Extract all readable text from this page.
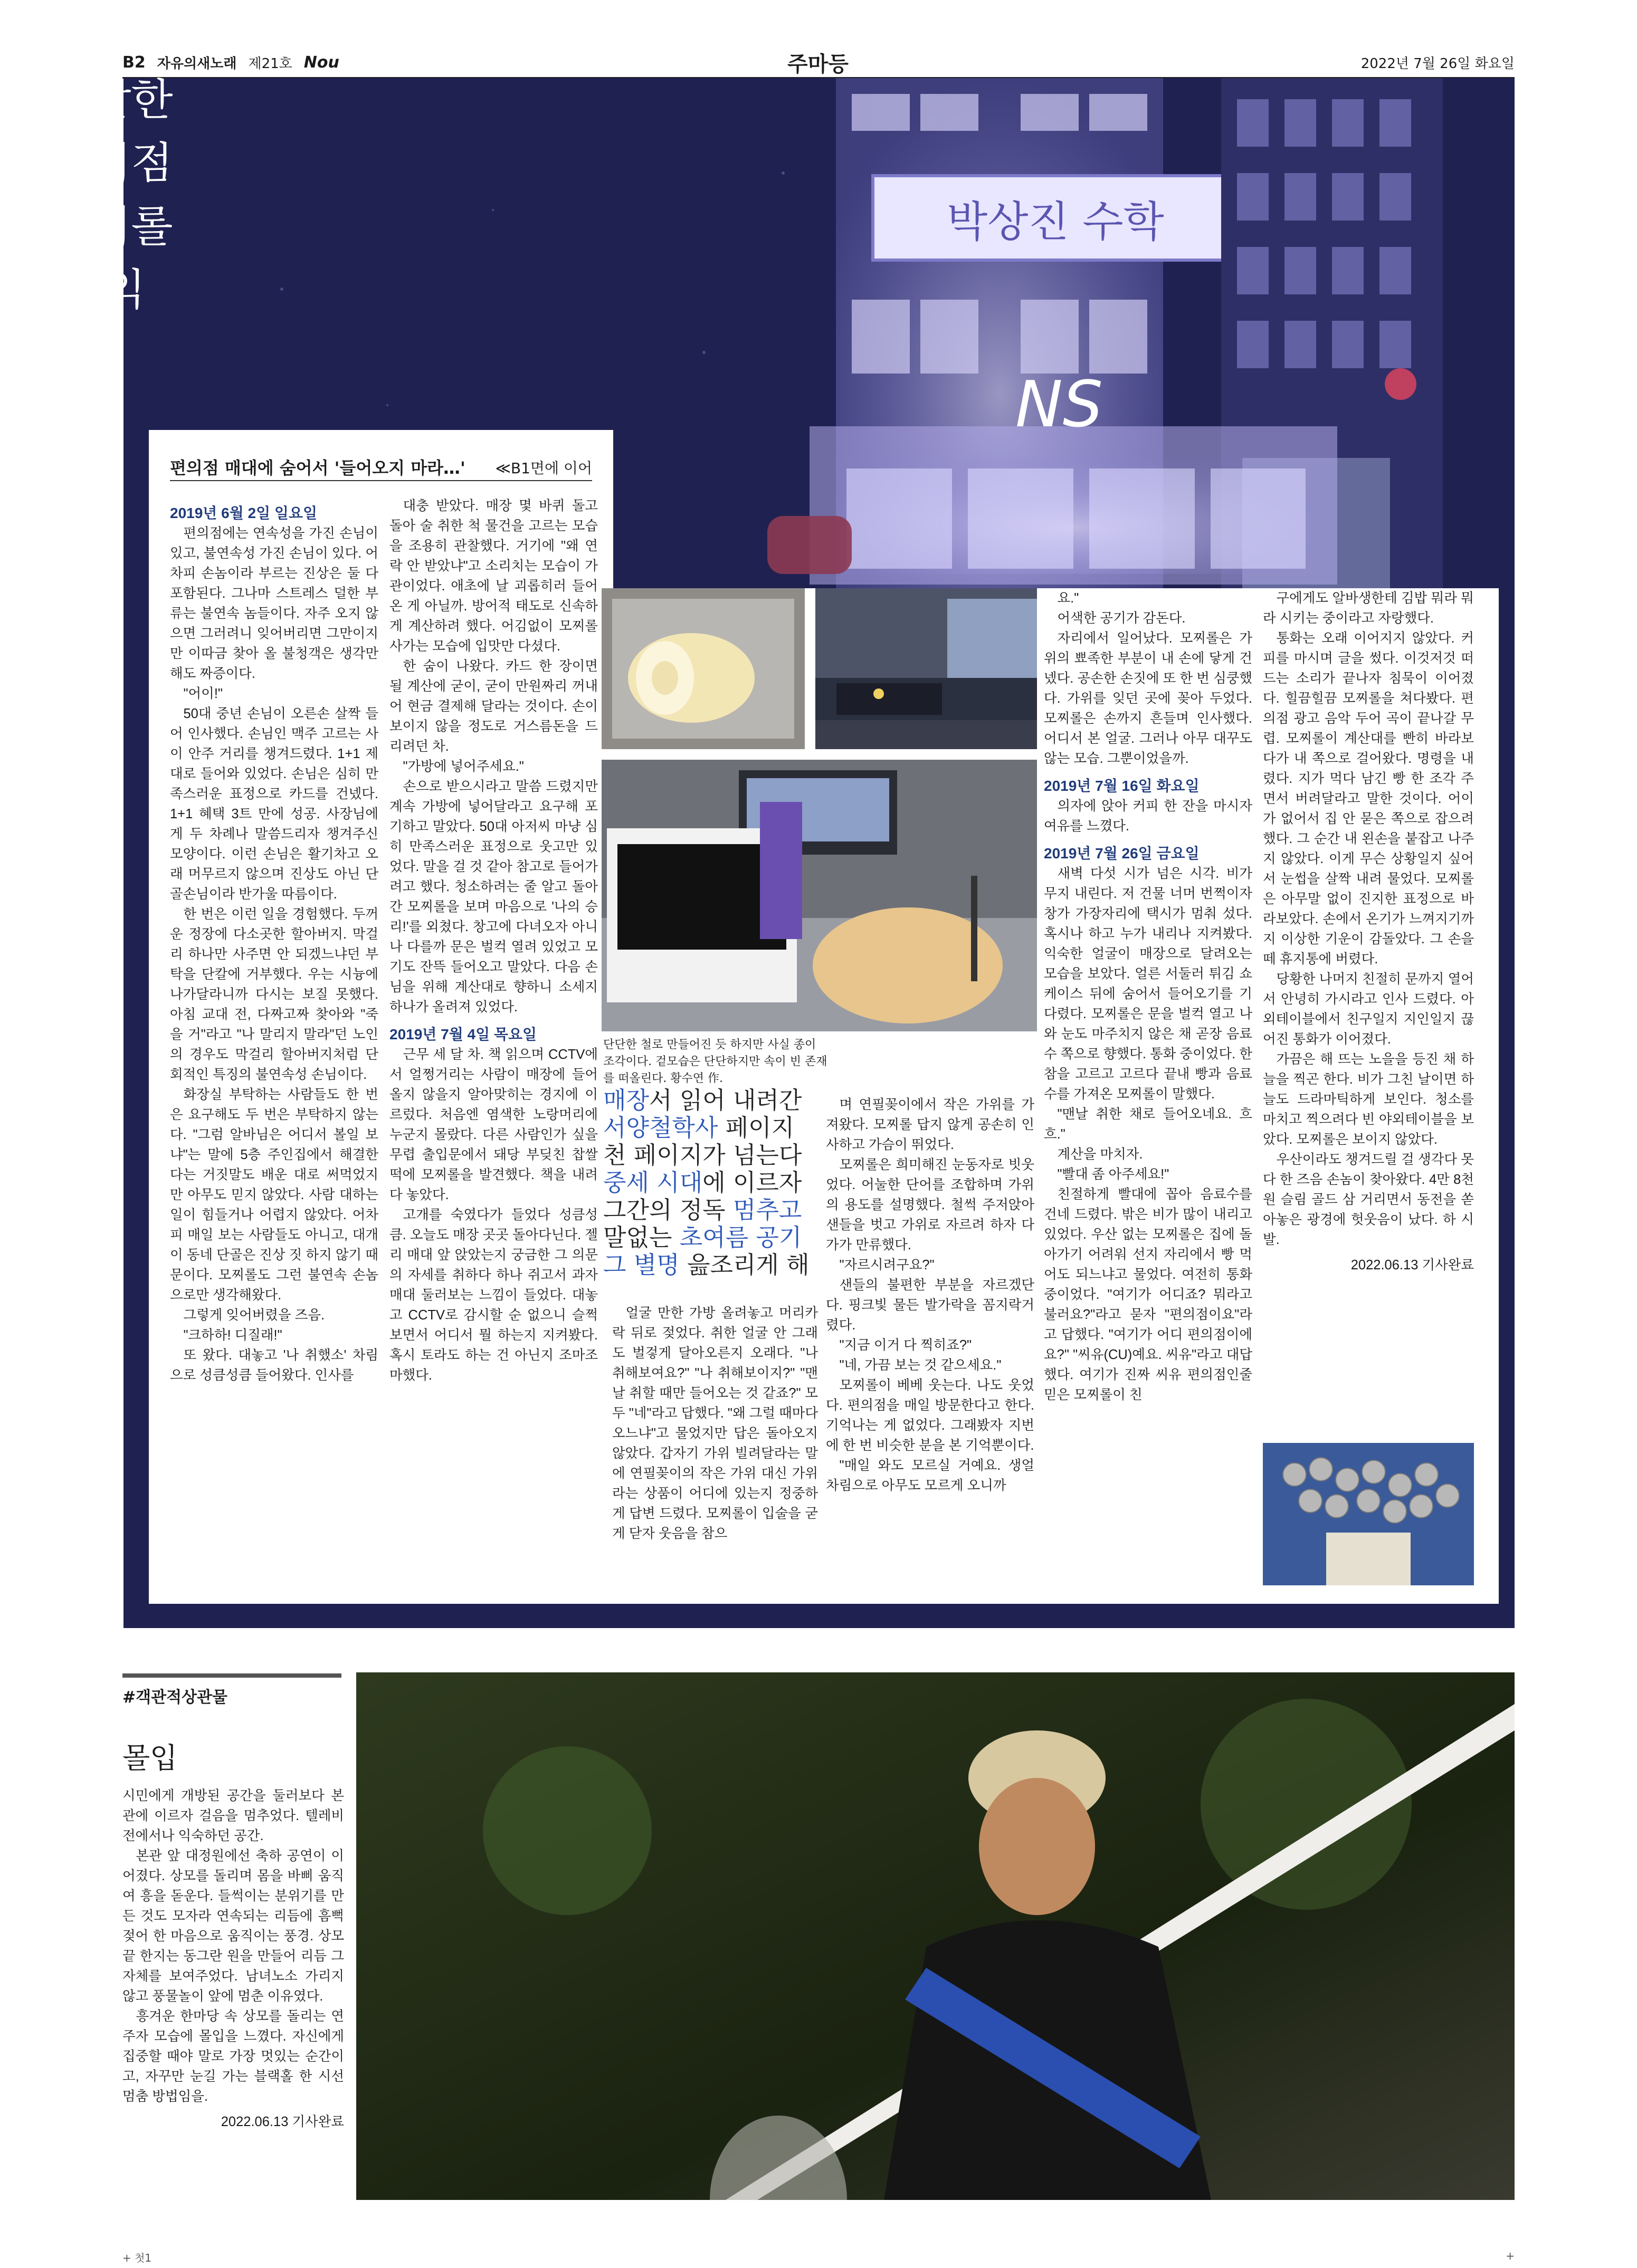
B2 자유의새노래 제21호 Nou	주마등	2022년 7월 26일 화요일
박상진 수학
NS
달달한
편의점
모찌롤
케-익
편의점 매대에 숨어서 '들어오지 마라…' ≪B1면에 이어

2019년 6월 2일 일요일

편의점에는 연속성을 가진 손님이 있고, 불연속성 가진 손님이 있다. 어차피 손놈이라 부르는 진상은 둘 다 포함된다. 그나마 스트레스 덜한 부류는 불연속 놈들이다. 자주 오지 않으면 그러려니 잊어버리면 그만이지만 이따금 찾아 올 불청객은 생각만 해도 짜증이다.

"어이!"

50대 중년 손님이 오른손 살짝 들어 인사했다. 손님인 맥주 고르는 사이 안주 거리를 챙겨드렸다. 1+1 제대로 들어와 있었다. 손님은 심히 만족스러운 표정으로 카드를 건넸다. 1+1 혜택 3트 만에 성공. 사장님에게 두 차례나 말씀드리자 챙겨주신 모양이다. 이런 손님은 활기차고 오래 머무르지 않으며 진상도 아닌 단골손님이라 반가울 따름이다.

한 번은 이런 일을 경험했다. 두꺼운 정장에 다소곳한 할아버지. 막걸리 하나만 사주면 안 되겠느냐던 부탁을 단칼에 거부했다. 우는 시늉에 나가달라니까 다시는 보질 못했다. 아침 교대 전, 다짜고짜 찾아와 "죽을 거"라고 "나 말리지 말라"던 노인의 경우도 막걸리 할아버지처럼 단회적인 특징의 불연속성 손님이다.

화장실 부탁하는 사람들도 한 번은 요구해도 두 번은 부탁하지 않는다. "그럼 알바님은 어디서 볼일 보냐"는 말에 5층 주인집에서 해결한다는 거짓말도 배운 대로 써먹었지만 아무도 믿지 않았다. 사람 대하는 일이 힘들거나 어렵지 않았다. 어차피 매일 보는 사람들도 아니고, 대개 이 동네 단골은 진상 짓 하지 않기 때문이다. 모찌롤도 그런 불연속 손놈으로만 생각해왔다.

그렇게 잊어버렸을 즈음.

"크하하! 디질래!"

또 왔다. 대놓고 '나 취했소' 차림으로 성큼성큼 들어왔다. 인사를

대충 받았다. 매장 몇 바퀴 돌고 돌아 술 취한 척 물건을 고르는 모습을 조용히 관찰했다. 거기에 "왜 연락 안 받았냐"고 소리치는 모습이 가관이었다. 애초에 날 괴롭히러 들어온 게 아닐까. 방어적 태도로 신속하게 계산하려 했다. 어김없이 모찌롤 사가는 모습에 입맛만 다셨다.

한 숨이 나왔다. 카드 한 장이면 될 계산에 굳이, 굳이 만원짜리 꺼내어 현금 결제해 달라는 것이다. 손이 보이지 않을 정도로 거스름돈을 드리려던 차.

"가방에 넣어주세요."

손으로 받으시라고 말씀 드렸지만 계속 가방에 넣어달라고 요구해 포기하고 말았다. 50대 아저씨 마냥 심히 만족스러운 표정으로 웃고만 있었다. 말을 걸 것 같아 참고로 들어가려고 했다. 청소하려는 줄 알고 돌아간 모찌롤을 보며 마음으로 '나의 승리!'를 외쳤다. 창고에 다녀오자 아니나 다를까 문은 벌컥 열려 있었고 모기도 잔뜩 들어오고 말았다. 다음 손님을 위해 계산대로 향하니 소세지 하나가 올려져 있었다.

2019년 7월 4일 목요일

근무 세 달 차. 책 읽으며 CCTV에서 얼쩡거리는 사람이 매장에 들어올지 않을지 알아맞히는 경지에 이르렀다. 처음엔 염색한 노랑머리에 누군지 몰랐다. 다른 사람인가 싶을 무렵 출입문에서 돼당 부딪친 찹쌀떡에 모찌롤을 발견했다. 책을 내려다 놓았다.

고개를 숙였다가 들었다 성큼성큼. 오늘도 매장 곳곳 돌아다닌다. 젤리 매대 앞 앉았는지 궁금한 그 의문의 자세를 취하다 하나 쥐고서 과자 매대 둘러보는 느낌이 들었다. 대놓고 CCTV로 감시할 순 없으니 슬쩍 보면서 어디서 뭘 하는지 지켜봤다. 혹시 토라도 하는 건 아닌지 조마조마했다.

단단한 철로 만들어진 듯 하지만 사실 종이 조각이다. 겉모습은 단단하지만 속이 빈 존재를 떠올린다. 황수연 作.
매장서 읽어 내려간 서양철학사 페이지 천 페이지가 넘는다 중세 시대에 이르자 그간의 정독 멈추고 말없는 초여름 공기 그 별명 읊조리게 해

얼굴 만한 가방 올려놓고 머리카락 뒤로 젖었다. 취한 얼굴 안 그래도 벌겋게 달아오른지 오래다. "나 취해보여요?" "나 취해보이지?" "맨날 취할 때만 들어오는 것 같죠?" 모두 "네"라고 답했다. "왜 그럴 때마다 오느냐"고 물었지만 답은 돌아오지 않았다. 갑자기 가위 빌려달라는 말에 연필꽂이의 작은 가위 대신 가위라는 상품이 어디에 있는지 정중하게 답변 드렸다. 모찌롤이 입술을 굳게 닫자 웃음을 참으

며 연필꽂이에서 작은 가위를 가져왔다. 모찌롤 답지 않게 공손히 인사하고 가슴이 뛰었다.

모찌롤은 희미해진 눈동자로 빗웃었다. 어눌한 단어를 조합하며 가위의 용도를 설명했다. 철썩 주저앉아 샌들을 벗고 가위로 자르려 하자 다가가 만류했다.

"자르시려구요?"

샌들의 불편한 부분을 자르겠단다. 핑크빛 물든 발가락을 꼼지락거렸다.

"지금 이거 다 찍히죠?"

"네, 가끔 보는 것 같으세요."

모찌롤이 베베 웃는다. 나도 웃었다. 편의점을 매일 방문한다고 한다. 기억나는 게 없었다. 그래봤자 지번에 한 번 비슷한 분을 본 기억뿐이다.

"매일 와도 모르실 거예요. 생얼 차림으로 아무도 모르게 오니까

요."

어색한 공기가 감돈다.

자리에서 일어났다. 모찌롤은 가위의 뾰족한 부분이 내 손에 닿게 건넸다. 공손한 손짓에 또 한 번 심쿵했다. 가위를 잊던 곳에 꽂아 두었다. 모찌롤은 손까지 흔들며 인사했다. 어디서 본 얼굴. 그러나 아무 대꾸도 않는 모습. 그뿐이었을까.

2019년 7월 16일 화요일

의자에 앉아 커피 한 잔을 마시자 여유를 느꼈다.

2019년 7월 26일 금요일

새벽 다섯 시가 넘은 시각. 비가 무지 내린다. 저 건물 너머 번쩍이자 창가 가장자리에 택시가 멈춰 섰다. 혹시나 하고 누가 내리나 지켜봤다. 익숙한 얼굴이 매장으로 달려오는 모습을 보았다. 얼른 서둘러 튀김 쇼케이스 뒤에 숨어서 들어오기를 기다렸다. 모찌롤은 문을 벌컥 열고 나와 눈도 마주치지 않은 채 곧장 음료수 쪽으로 향했다. 통화 중이었다. 한참을 고르고 고르다 끝내 빵과 음료수를 가져온 모찌롤이 말했다.

"맨날 취한 채로 들어오네요. 흐흐."

계산을 마치자.

"빨대 좀 아주세요!"

친절하게 빨대에 꼽아 음료수를 건네 드렸다. 밖은 비가 많이 내리고 있었다. 우산 없는 모찌롤은 집에 돌아가기 어려워 선지 자리에서 빵 먹어도 되느냐고 물었다. 여전히 통화 중이었다. "여기가 어디죠? 뭐라고 불러요?"라고 묻자 "편의점이요"라고 답했다. "여기가 어디 편의점이에요?" "씨유(CU)예요. 씨유"라고 대답했다. 여기가 진짜 씨유 편의점인줄 믿은 모찌롤이 친

구에게도 알바생한테 김밥 뭐라 뭐라 시키는 중이라고 자랑했다.

통화는 오래 이어지지 않았다. 커피를 마시며 글을 썼다. 이것저것 떠드는 소리가 끝나자 침묵이 이어졌다. 힐끔힐끔 모찌롤을 쳐다봤다. 편의점 광고 음악 두어 곡이 끝나갈 무렵. 모찌롤이 계산대를 빤히 바라보다가 내 쪽으로 걸어왔다. 명령을 내렸다. 지가 먹다 남긴 빵 한 조각 주면서 버려달라고 말한 것이다. 어이가 없어서 집 안 묻은 쪽으로 잡으려 했다. 그 순간 내 왼손을 붙잡고 나주지 않았다. 이게 무슨 상황일지 싶어서 눈썹을 살짝 내려 물었다. 모찌롤은 아무말 없이 진지한 표정으로 바라보았다. 손에서 온기가 느껴지기까지 이상한 기운이 감돌았다. 그 손을 떼 휴지통에 버렸다.

당황한 나머지 친절히 문까지 열어서 안녕히 가시라고 인사 드렸다. 아외테이블에서 친구일지 지인일지 끊어진 통화가 이어졌다.

가끔은 해 뜨는 노을을 등진 채 하늘을 찍곤 한다. 비가 그친 날이면 하늘도 드라마틱하게 보인다. 청소를 마치고 찍으려다 빈 야외테이블을 보았다. 모찌롤은 보이지 않았다.

우산이라도 챙겨드릴 걸 생각다 못다 한 즈음 손놈이 찾아왔다. 4만 8천원 슬림 골드 삼 거리면서 동전을 쏟아놓은 광경에 헛웃음이 났다. 하 시발.

2022.06.13 기사완료

#객관적상관물
몰입

시민에게 개방된 공간을 둘러보다 본관에 이르자 걸음을 멈추었다. 텔레비전에서나 익숙하던 공간.

본관 앞 대정원에선 축하 공연이 이어졌다. 상모를 돌리며 몸을 바삐 움직여 흥을 돋운다. 들썩이는 분위기를 만든 것도 모자라 연속되는 리듬에 흠뻑 젖어 한 마음으로 움직이는 풍경. 상모 끝 한지는 동그란 원을 만들어 리듬 그 자체를 보여주었다. 남녀노소 가리지 않고 풍물놀이 앞에 멈춘 이유였다.

흥겨운 한마당 속 상모를 돌리는 연주자 모습에 몰입을 느꼈다. 자신에게 집중할 때야 말로 가장 멋있는 순간이고, 자꾸만 눈길 가는 블랙홀 한 시선 멈춤 방법임을.

2022.06.13 기사완료

+ 첫1	+
